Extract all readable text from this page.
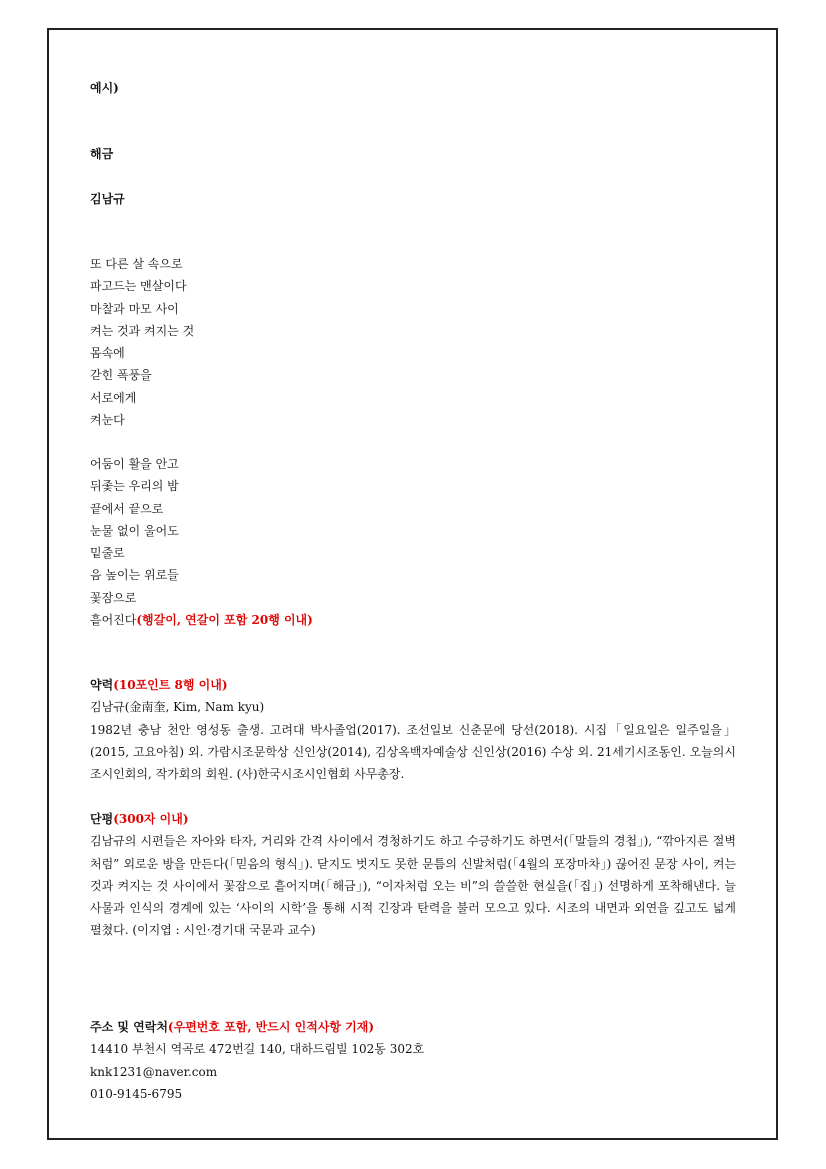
예시)
해금
김남규
또 다른 살 속으로
파고드는 맨살이다
마찰과 마모 사이
켜는 것과 켜지는 것
몸속에
갇힌 폭풍을
서로에게
켜눈다
어둠이 활을 안고
뒤좇는 우리의 밤
끝에서 끝으로
눈물 없이 울어도
밑줄로
음 높이는 위로들
꽃잠으로
흩어진다(행갈이, 연갈이 포함 20행 이내)
약력(10포인트 8행 이내)
김남규(金南奎, Kim, Nam kyu)
1982년 충남 천안 영성동 출생. 고려대 박사졸업(2017). 조선일보 신춘문에 당선(2018). 시집「일요일은 일주일을」(2015, 고요아침) 외. 가람시조문학상 신인상(2014), 김상옥백자예술상 신인상(2016) 수상 외. 21세기시조동인. 오늘의시조시인회의, 작가회의 회원. (사)한국시조시인협회 사무총장.
단평(300자 이내)
김남규의 시편들은 자아와 타자, 거리와 간격 사이에서 경청하기도 하고 수긍하기도 하면서(「말들의 경첩」), “깎아지른 절벽처럼” 외로운 방을 만든다(「믿음의 형식」). 닫지도 벗지도 못한 문틈의 신발처럼(「4월의 포장마차」) 끊어진 문장 사이, 켜는 것과 켜지는 것 사이에서 꽃잠으로 흩어지며(「해금」), “이자처럼 오는 비”의 쓸쓸한 현실을(「집」) 선명하게 포착해낸다. 늘 사물과 인식의 경계에 있는 ‘사이의 시학’을 통해 시적 긴장과 탄력을 불러 모으고 있다. 시조의 내면과 외연을 깊고도 넓게 펼쳤다. (이지엽 : 시인·경기대 국문과 교수)
주소 및 연락처(우편번호 포함, 반드시 인적사항 기재)
14410 부천시 역곡로 472번길 140, 대하드림빌 102동 302호
knk1231@naver.com
010-9145-6795
